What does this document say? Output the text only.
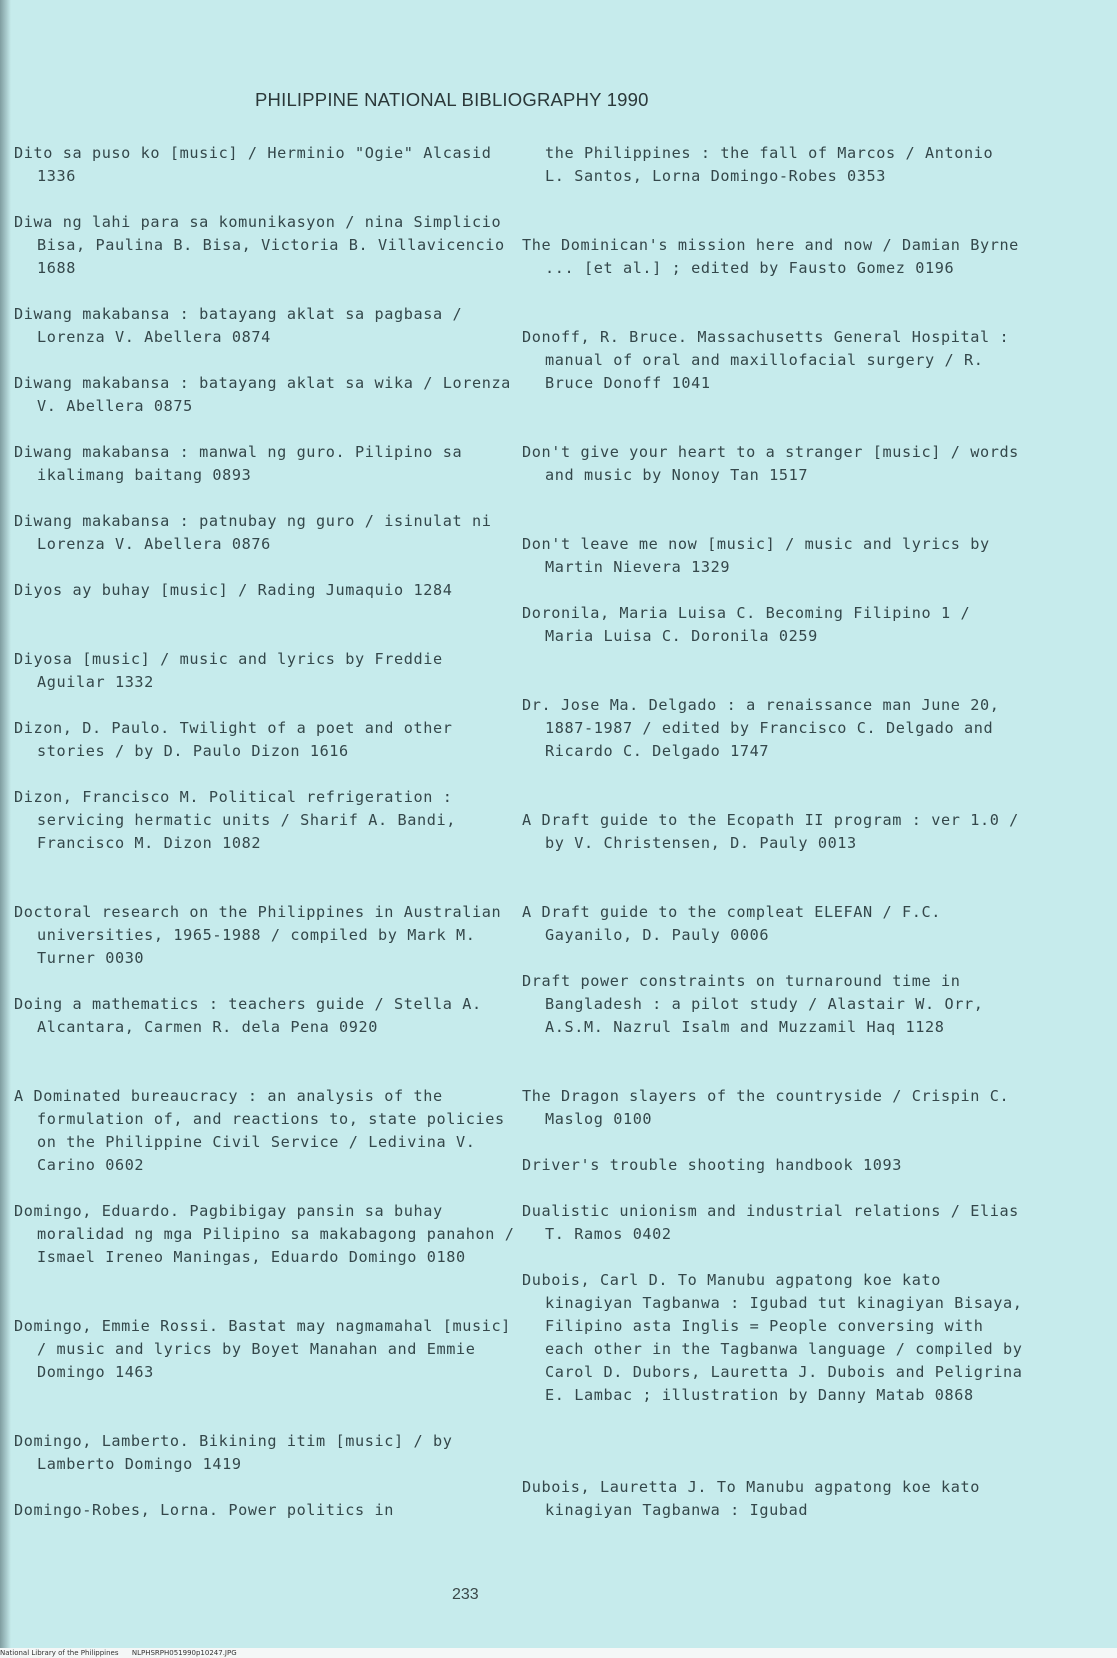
PHILIPPINE NATIONAL BIBLIOGRAPHY 1990
Dito sa puso ko [music] / Herminio "Ogie" Alcasid 1336
Diwa ng lahi para sa komunikasyon / nina Simplicio Bisa, Paulina B. Bisa, Victoria B. Villavicencio 1688
Diwang makabansa : batayang aklat sa pagbasa / Lorenza V. Abellera 0874
Diwang makabansa : batayang aklat sa wika / Lorenza V. Abellera 0875
Diwang makabansa : manwal ng guro. Pilipino sa ikalimang baitang 0893
Diwang makabansa : patnubay ng guro / isinulat ni Lorenza V. Abellera 0876
Diyos ay buhay [music] / Rading Jumaquio 1284
Diyosa [music] / music and lyrics by Freddie Aguilar 1332
Dizon, D. Paulo. Twilight of a poet and other stories / by D. Paulo Dizon 1616
Dizon, Francisco M. Political refrigeration : servicing hermatic units / Sharif A. Bandi, Francisco M. Dizon 1082
Doctoral research on the Philippines in Australian universities, 1965-1988 / compiled by Mark M. Turner 0030
Doing a mathematics : teachers guide / Stella A. Alcantara, Carmen R. dela Pena 0920
A Dominated bureaucracy : an analysis of the formulation of, and reactions to, state policies on the Philippine Civil Service / Ledivina V. Carino 0602
Domingo, Eduardo. Pagbibigay pansin sa buhay moralidad ng mga Pilipino sa makabagong panahon / Ismael Ireneo Maningas, Eduardo Domingo 0180
Domingo, Emmie Rossi. Bastat may nagmamahal [music] / music and lyrics by Boyet Manahan and Emmie Domingo 1463
Domingo, Lamberto. Bikining itim [music] / by Lamberto Domingo 1419
Domingo-Robes, Lorna. Power politics in
the Philippines : the fall of Marcos / Antonio L. Santos, Lorna Domingo-Robes 0353
The Dominican's mission here and now / Damian Byrne ... [et al.] ; edited by Fausto Gomez 0196
Donoff, R. Bruce. Massachusetts General Hospital : manual of oral and maxillofacial surgery / R. Bruce Donoff 1041
Don't give your heart to a stranger [music] / words and music by Nonoy Tan 1517
Don't leave me now [music] / music and lyrics by Martin Nievera 1329
Doronila, Maria Luisa C. Becoming Filipino 1 / Maria Luisa C. Doronila 0259
Dr. Jose Ma. Delgado : a renaissance man June 20, 1887-1987 / edited by Francisco C. Delgado and Ricardo C. Delgado 1747
A Draft guide to the Ecopath II program : ver 1.0 / by V. Christensen, D. Pauly 0013
A Draft guide to the compleat ELEFAN / F.C. Gayanilo, D. Pauly 0006
Draft power constraints on turnaround time in Bangladesh : a pilot study / Alastair W. Orr, A.S.M. Nazrul Isalm and Muzzamil Haq 1128
The Dragon slayers of the countryside / Crispin C. Maslog 0100
Driver's trouble shooting handbook 1093
Dualistic unionism and industrial relations / Elias T. Ramos 0402
Dubois, Carl D. To Manubu agpatong koe kato kinagiyan Tagbanwa : Igubad tut kinagiyan Bisaya, Filipino asta Inglis = People conversing with each other in the Tagbanwa language / compiled by Carol D. Dubors, Lauretta J. Dubois and Peligrina E. Lambac ; illustration by Danny Matab 0868
Dubois, Lauretta J. To Manubu agpatong koe kato kinagiyan Tagbanwa : Igubad
233
National Library of the Philippines      NLPHSRPH051990p10247.JPG
